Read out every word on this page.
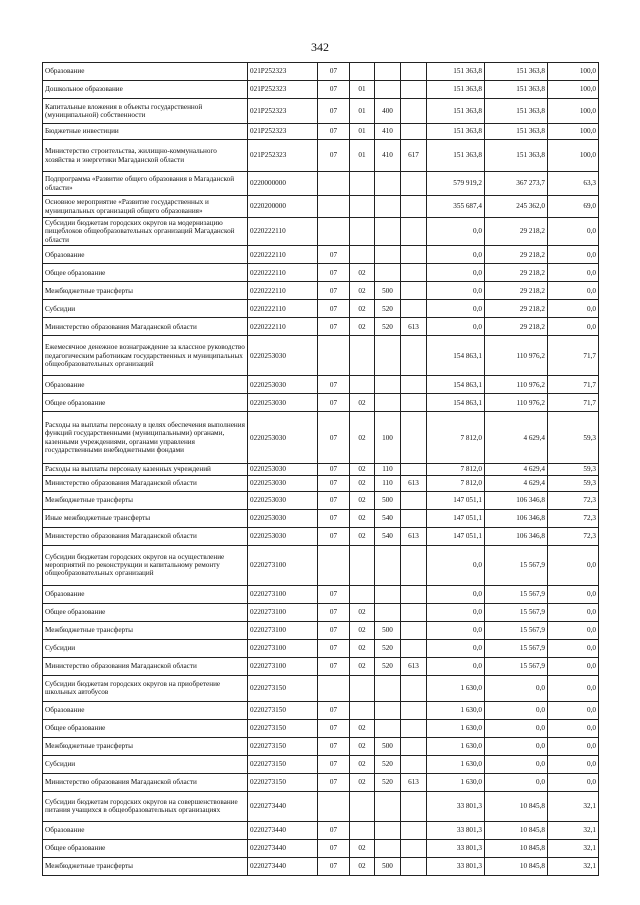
342
Образование	021P252323	07				151 363,8	151 363,8	100,0
Дошкольное образование	021P252323	07	01			151 363,8	151 363,8	100,0
Капитальные вложения в объекты государственной (муниципальной) собственности	021P252323	07	01	400		151 363,8	151 363,8	100,0
Бюджетные инвестиции	021P252323	07	01	410		151 363,8	151 363,8	100,0
Министерство строительства, жилищно-коммунального хозяйства и энергетики Магаданской области	021P252323	07	01	410	617	151 363,8	151 363,8	100,0
Подпрограмма «Развитие общего образования в Магаданской области»	0220000000					579 919,2	367 273,7	63,3
Основное мероприятие «Развитие государственных и муниципальных организаций общего образования»	0220200000					355 687,4	245 362,0	69,0
Субсидии бюджетам городских округов на модернизацию пищеблоков общеобразовательных организаций Магаданской области	0220222110					0,0	29 218,2	0,0
Образование	0220222110	07				0,0	29 218,2	0,0
Общее образование	0220222110	07	02			0,0	29 218,2	0,0
Межбюджетные трансферты	0220222110	07	02	500		0,0	29 218,2	0,0
Субсидии	0220222110	07	02	520		0,0	29 218,2	0,0
Министерство образования Магаданской области	0220222110	07	02	520	613	0,0	29 218,2	0,0
Ежемесячное денежное вознаграждение за классное руководство педагогическим работникам государственных и муниципальных общеобразовательных организаций	0220253030					154 863,1	110 976,2	71,7
Образование	0220253030	07				154 863,1	110 976,2	71,7
Общее образование	0220253030	07	02			154 863,1	110 976,2	71,7
Расходы на выплаты персоналу в целях обеспечения выполнения функций государственными (муниципальными) органами, казенными учреждениями, органами управления государственными внебюджетными фондами	0220253030	07	02	100		7 812,0	4 629,4	59,3
Расходы на выплаты персоналу казенных учреждений	0220253030	07	02	110		7 812,0	4 629,4	59,3
Министерство образования Магаданской области	0220253030	07	02	110	613	7 812,0	4 629,4	59,3
Межбюджетные трансферты	0220253030	07	02	500		147 051,1	106 346,8	72,3
Иные межбюджетные трансферты	0220253030	07	02	540		147 051,1	106 346,8	72,3
Министерство образования Магаданской области	0220253030	07	02	540	613	147 051,1	106 346,8	72,3
Субсидии бюджетам городских округов на осуществление мероприятий по реконструкции и капитальному ремонту общеобразовательных организаций	0220273100					0,0	15 567,9	0,0
Образование	0220273100	07				0,0	15 567,9	0,0
Общее образование	0220273100	07	02			0,0	15 567,9	0,0
Межбюджетные трансферты	0220273100	07	02	500		0,0	15 567,9	0,0
Субсидии	0220273100	07	02	520		0,0	15 567,9	0,0
Министерство образования Магаданской области	0220273100	07	02	520	613	0,0	15 567,9	0,0
Субсидии бюджетам городских округов на приобретение школьных автобусов	0220273150					1 630,0	0,0	0,0
Образование	0220273150	07				1 630,0	0,0	0,0
Общее образование	0220273150	07	02			1 630,0	0,0	0,0
Межбюджетные трансферты	0220273150	07	02	500		1 630,0	0,0	0,0
Субсидии	0220273150	07	02	520		1 630,0	0,0	0,0
Министерство образования Магаданской области	0220273150	07	02	520	613	1 630,0	0,0	0,0
Субсидии бюджетам городских округов на совершенствование питания учащихся в общеобразовательных организациях	0220273440					33 801,3	10 845,8	32,1
Образование	0220273440	07				33 801,3	10 845,8	32,1
Общее образование	0220273440	07	02			33 801,3	10 845,8	32,1
Межбюджетные трансферты	0220273440	07	02	500		33 801,3	10 845,8	32,1
